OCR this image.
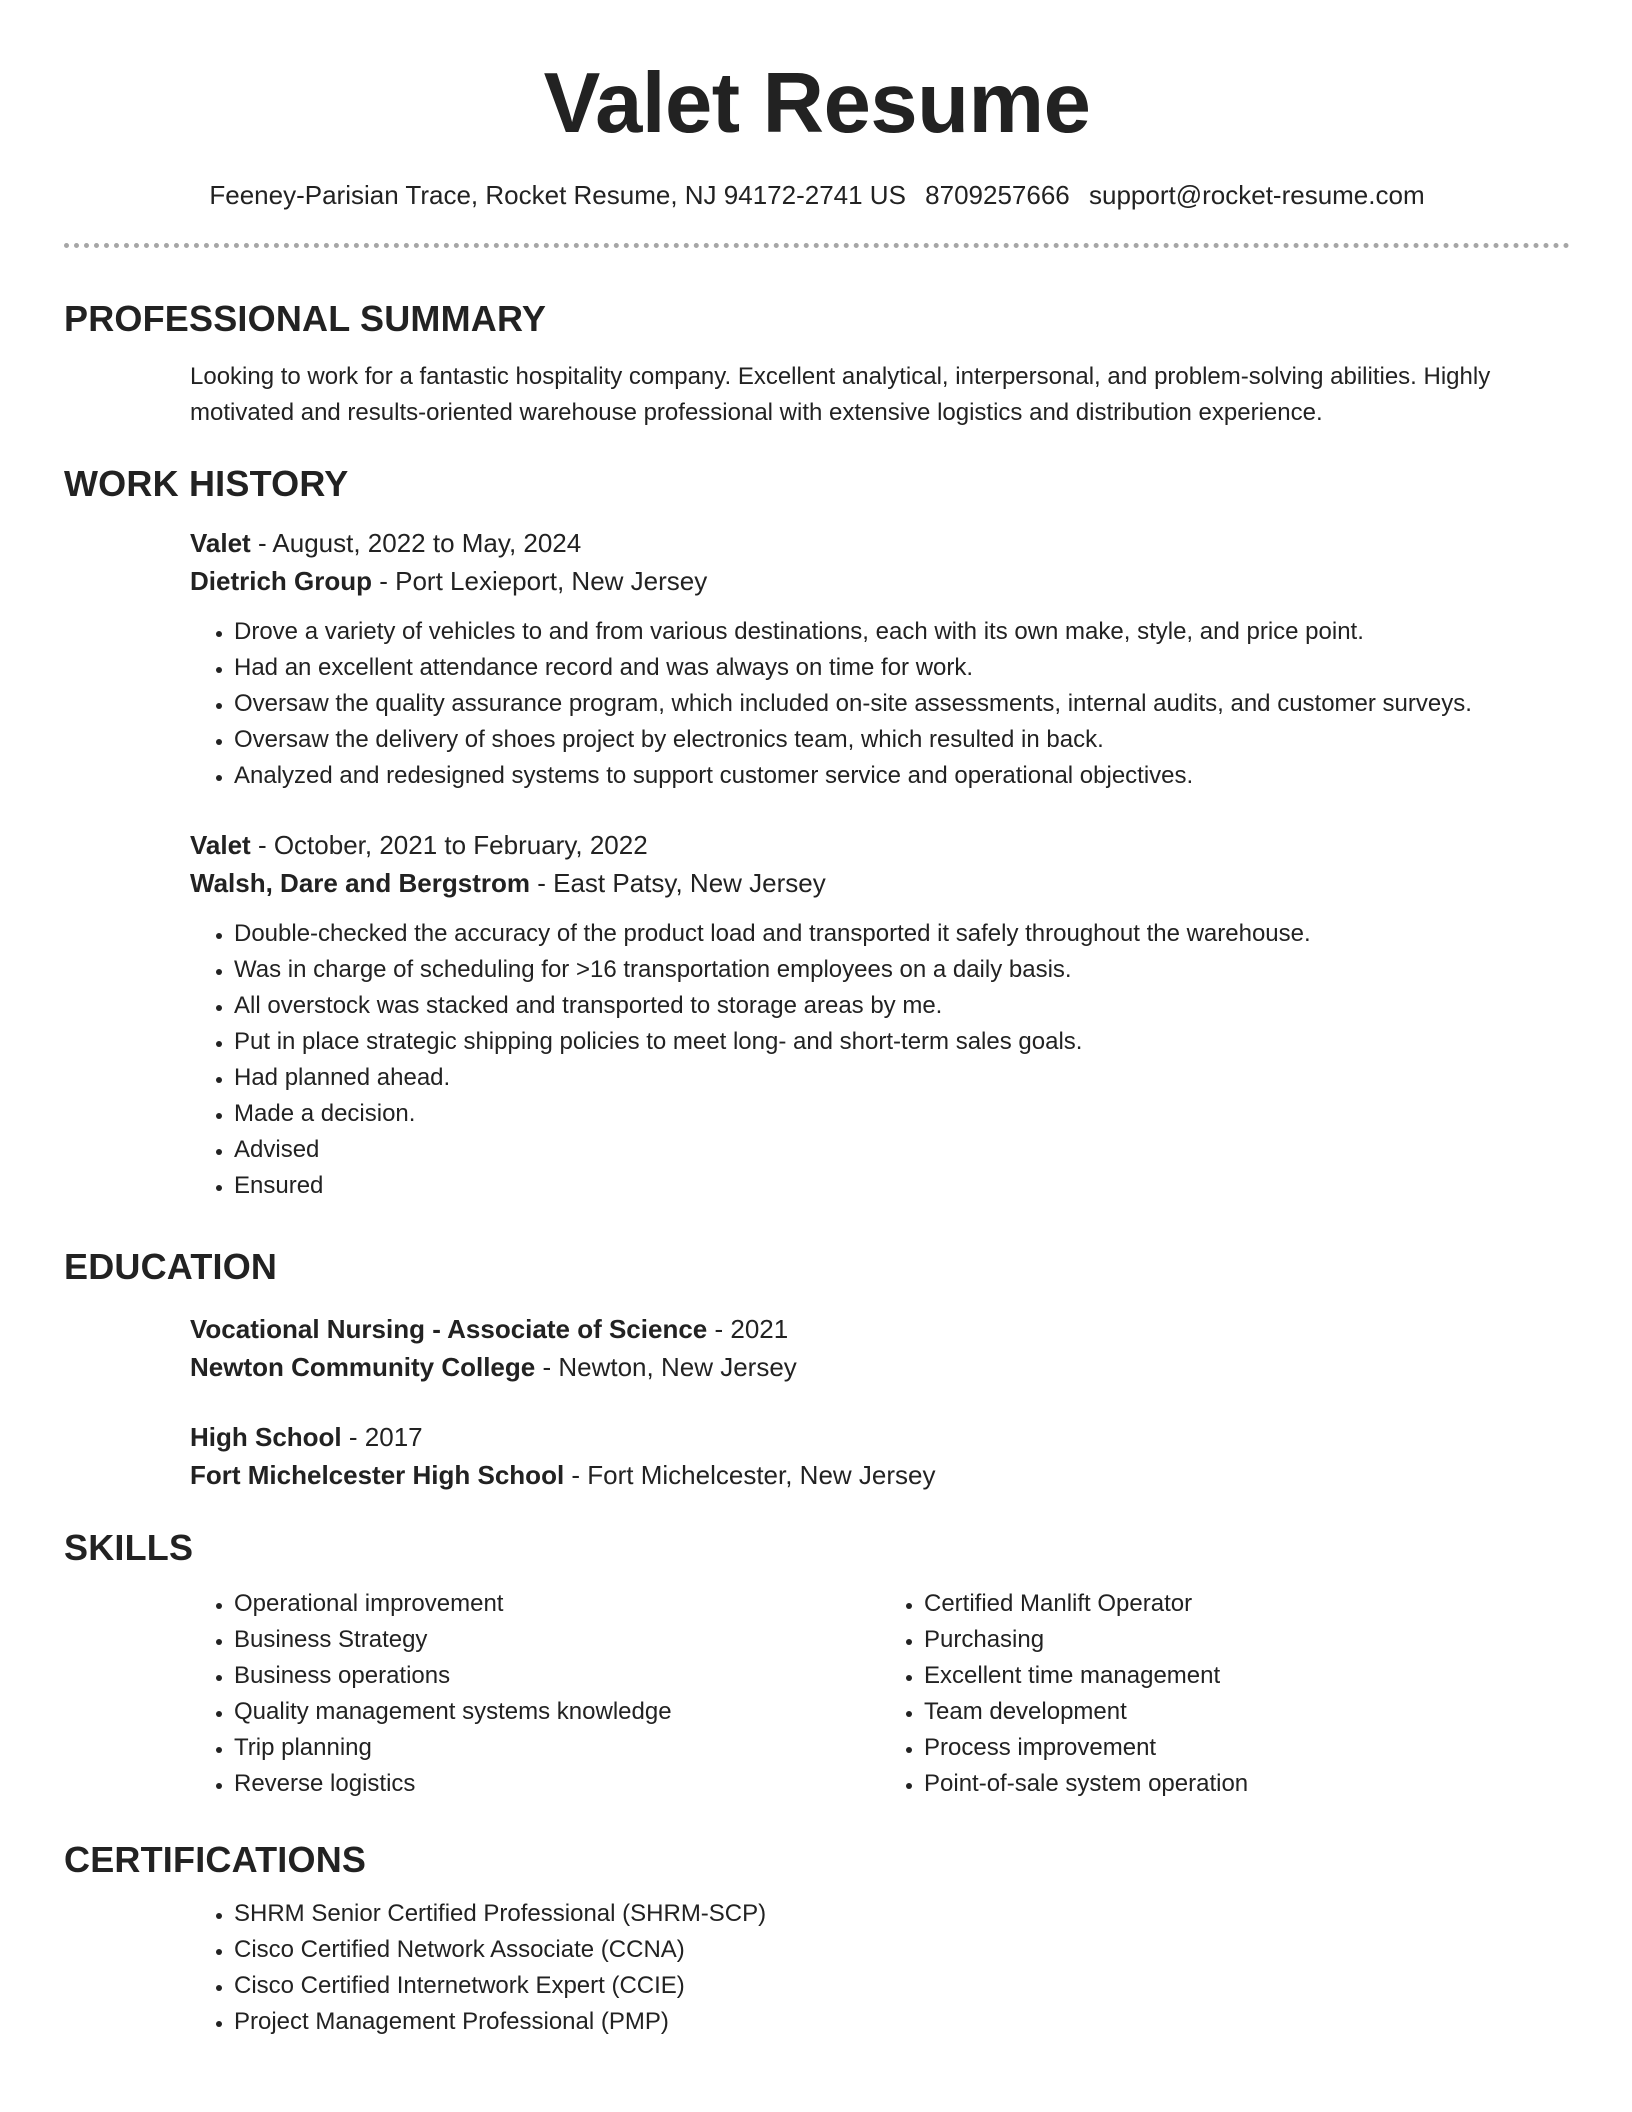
Valet Resume
Feeney-Parisian Trace, Rocket Resume, NJ 94172-2741 US 8709257666 support@rocket-resume.com
PROFESSIONAL SUMMARY
Looking to work for a fantastic hospitality company. Excellent analytical, interpersonal, and problem-solving abilities. Highly motivated and results-oriented warehouse professional with extensive logistics and distribution experience.
WORK HISTORY
Valet - August, 2022 to May, 2024
Dietrich Group - Port Lexieport, New Jersey
• Drove a variety of vehicles to and from various destinations, each with its own make, style, and price point.
• Had an excellent attendance record and was always on time for work.
• Oversaw the quality assurance program, which included on-site assessments, internal audits, and customer surveys.
• Oversaw the delivery of shoes project by electronics team, which resulted in back.
• Analyzed and redesigned systems to support customer service and operational objectives.
Valet - October, 2021 to February, 2022
Walsh, Dare and Bergstrom - East Patsy, New Jersey
• Double-checked the accuracy of the product load and transported it safely throughout the warehouse.
• Was in charge of scheduling for >16 transportation employees on a daily basis.
• All overstock was stacked and transported to storage areas by me.
• Put in place strategic shipping policies to meet long- and short-term sales goals.
• Had planned ahead.
• Made a decision.
• Advised
• Ensured
EDUCATION
Vocational Nursing - Associate of Science - 2021
Newton Community College - Newton, New Jersey
High School - 2017
Fort Michelcester High School - Fort Michelcester, New Jersey
SKILLS
• Operational improvement
• Business Strategy
• Business operations
• Quality management systems knowledge
• Trip planning
• Reverse logistics
• Certified Manlift Operator
• Purchasing
• Excellent time management
• Team development
• Process improvement
• Point-of-sale system operation
CERTIFICATIONS
• SHRM Senior Certified Professional (SHRM-SCP)
• Cisco Certified Network Associate (CCNA)
• Cisco Certified Internetwork Expert (CCIE)
• Project Management Professional (PMP)
